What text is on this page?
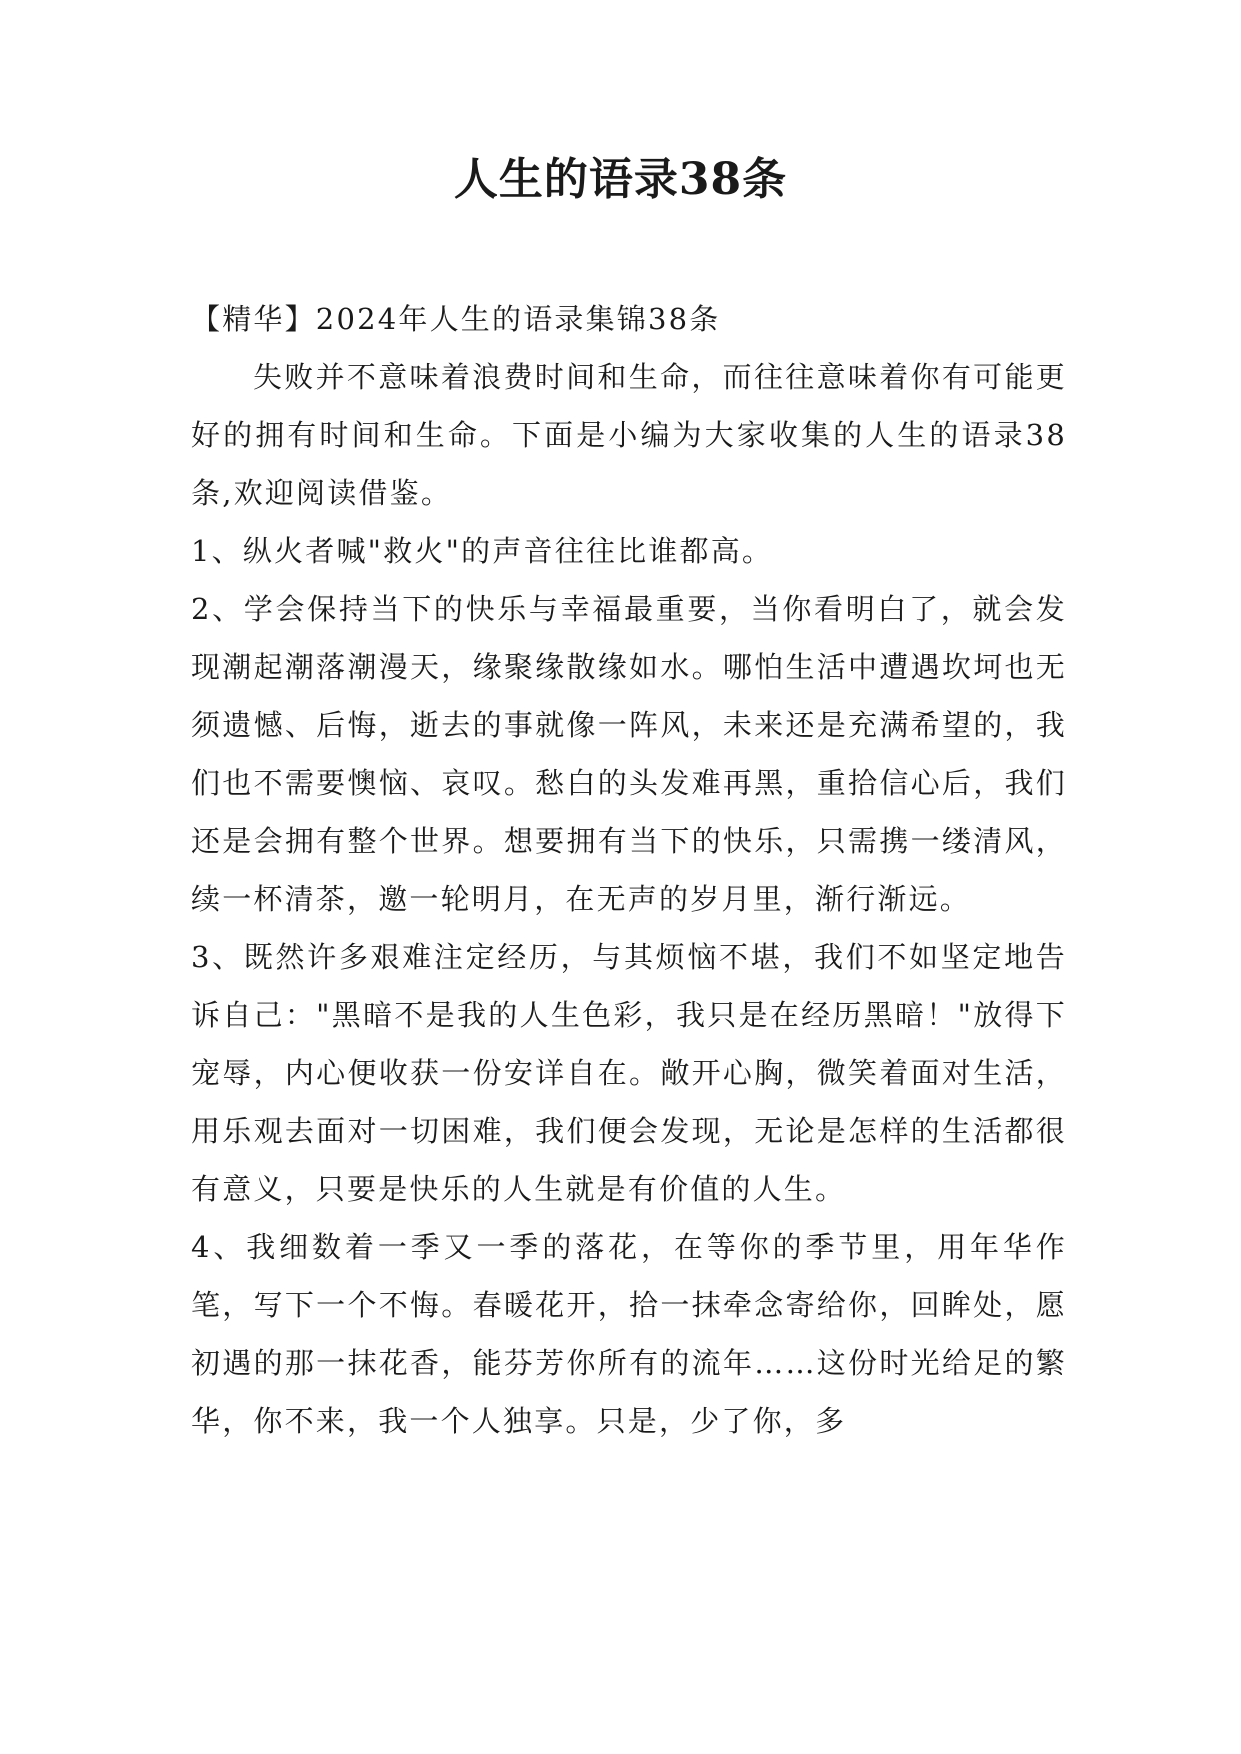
人生的语录38条

【精华】2024年人生的语录集锦38条

失败并不意味着浪费时间和生命，而往往意味着你有可能更好的拥有时间和生命。下面是小编为大家收集的人生的语录38条,欢迎阅读借鉴。

1、纵火者喊"救火"的声音往往比谁都高。

2、学会保持当下的快乐与幸福最重要，当你看明白了，就会发现潮起潮落潮漫天，缘聚缘散缘如水。哪怕生活中遭遇坎坷也无须遗憾、后悔，逝去的事就像一阵风，未来还是充满希望的，我们也不需要懊恼、哀叹。愁白的头发难再黑，重拾信心后，我们还是会拥有整个世界。想要拥有当下的快乐，只需携一缕清风，续一杯清茶，邀一轮明月，在无声的岁月里，渐行渐远。

3、既然许多艰难注定经历，与其烦恼不堪，我们不如坚定地告诉自己："黑暗不是我的人生色彩，我只是在经历黑暗！"放得下宠辱，内心便收获一份安详自在。敞开心胸，微笑着面对生活，用乐观去面对一切困难，我们便会发现，无论是怎样的生活都很有意义，只要是快乐的人生就是有价值的人生。

4、我细数着一季又一季的落花，在等你的季节里，用年华作笔，写下一个不悔。春暖花开，拾一抹牵念寄给你，回眸处，愿初遇的那一抹花香，能芬芳你所有的流年……这份时光给足的繁华，你不来，我一个人独享。只是，少了你，多
